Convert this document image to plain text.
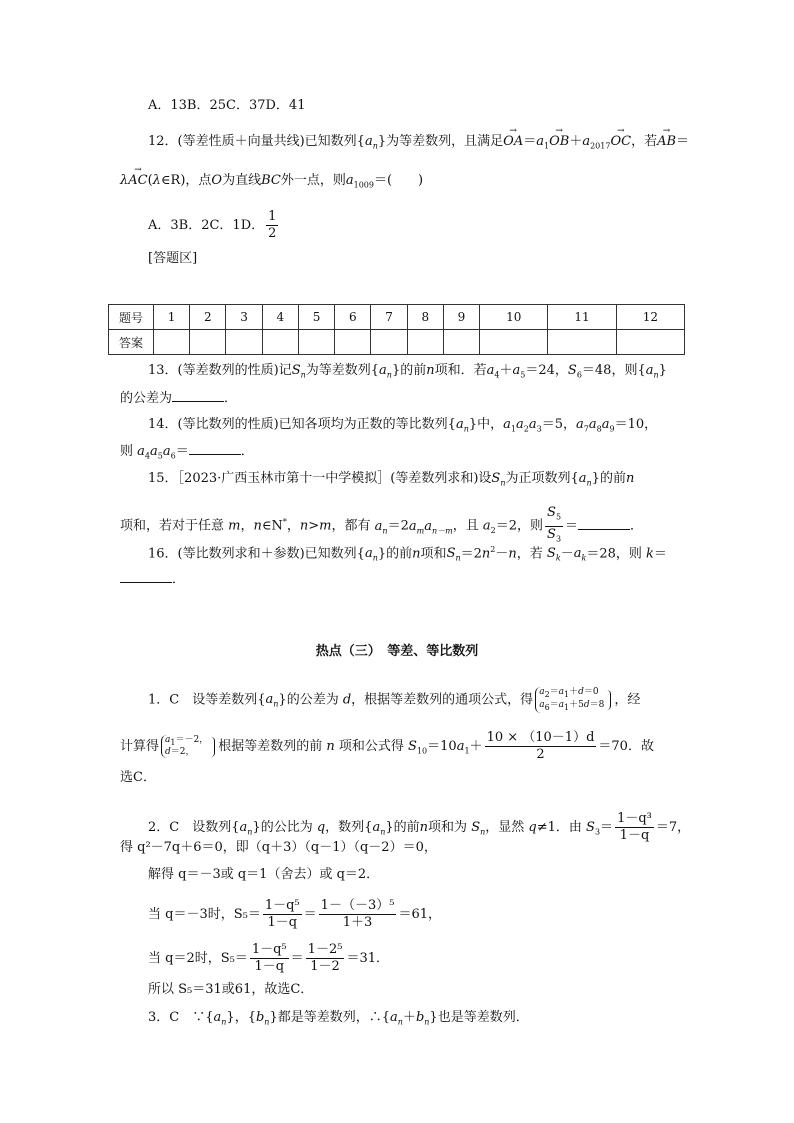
A．13B．25C．37D．41
12．(等差性质＋向量共线)已知数列$\{a_n\}$为等差数列，且满足→ $OA=a_1\to OB+a_{2017}\to$ OC，若→ AB＝
λ→ AC(λ∈R)，点O为直线BC外一点，则$a_{1009}=$(　　)
A．3B．2C．1D． $\frac{1}{2}$
[答题区]
题号	1	2	3	4	5	6	7	8	9	10	11	12
答案												
13．(等差数列的性质)记$S_n$为等差数列$\{a_n\}$的前n项和．若$a_4+a_5=24$，$S_6=48$，则$\{a_n\}$
的公差为	．
14．(等比数列的性质)已知各项均为正数的等比数列$\{a_n\}$中，$a_1a_2a_3=5$，$a_7a_8a_9=10$，
则 $a_4a_5a_6=$	．
15．［2023·广西玉林市第十一中学模拟］(等差数列求和)设$S_n$为正项数列$\{a_n\}$的前n
项和，若对于任意 m，n∈N*，n>m，都有 $a_n=2a_ma_{n-m}$，且 $a_2=2$，则 $\frac{S_5}{S_3}$ ＝	．
16．(等比数列求和＋参数)已知数列$\{a_n\}$的前n项和$S_n=2n^2-n$，若 $S_k-a_k=28$，则 k＝
．
热点（三）　等差、等比数列
1．C　设等差数列$\{a_n\}$的公差为 d，根据等差数列的通项公式，得$a_2=a_1+d=0$
$a_6=a_1+5d=8$ ，经
计算得 $a_1=-2$，
d＝2， 根据等差数列的前 n 项和公式得 $S_{10}=10a_1+ \frac{10 \times (10-1)d}{2} =70$．故
选C．
2．C　设数列$\{a_n\}$的公比为 q，数列$\{a_n\}$的前n项和为 $S_n$，显然 q≠1．由 $S_3= \frac{\text{1－q³}}{1-q} =7$，
得 q²－7q＋6＝0，即（q＋3）（q－1）（q－2）＝0，
解得 q＝－3或 q＝1（舍去）或 q＝2．
当 q＝－3时，$S_5= \frac{\text{1－q⁵}}{1-q} = \frac{\text{1－（－3）⁵}}{1+3} =61$，
当 q＝2时，$S_5= \frac{\text{1－q⁵}}{1-q} = \frac{\text{1－2⁵}}{1-2} =31$．
所以 S₅＝31或61，故选C．
3．C　$\because\{a_n\}$，$\{b_n\}$都是等差数列，$\therefore\{a_n+b_n\}$也是等差数列．
